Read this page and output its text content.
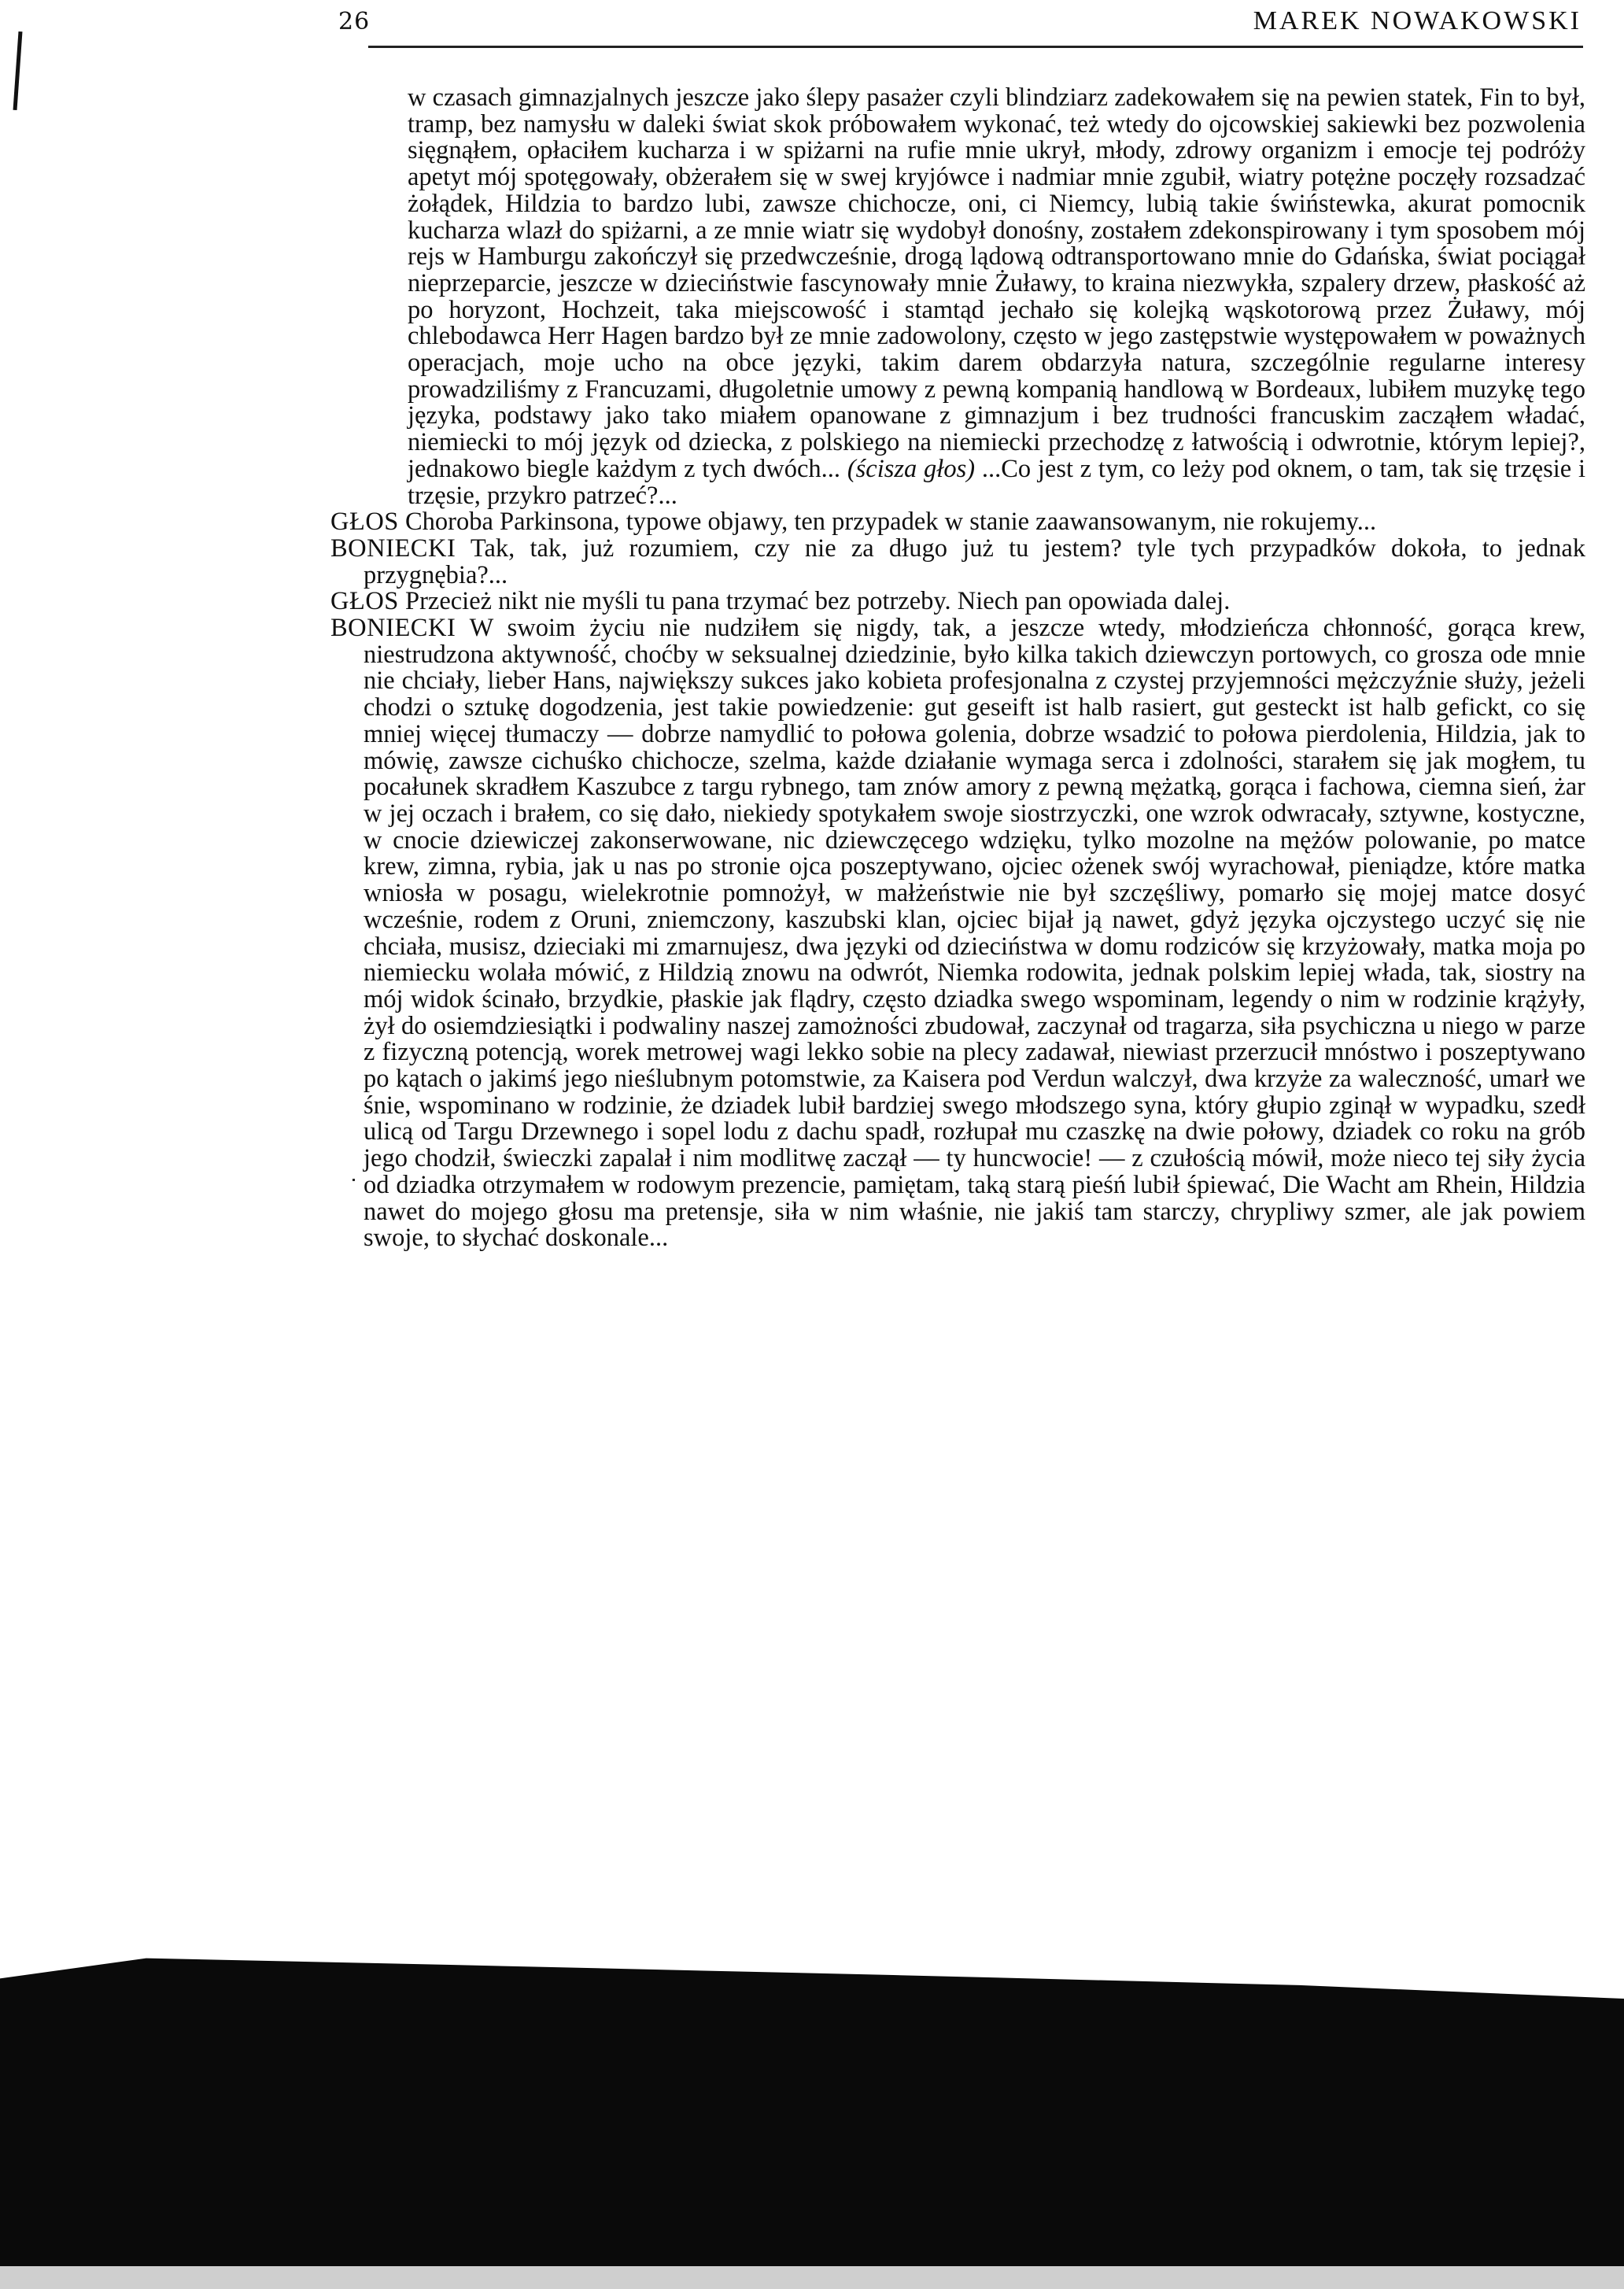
26	MAREK NOWAKOWSKI

w czasach gimnazjalnych jeszcze jako ślepy pasażer czyli blindziarz zadekowałem się na pewien statek, Fin to był, tramp, bez namysłu w daleki świat skok próbowałem wykonać, też wtedy do ojcowskiej sakiewki bez pozwolenia sięgnąłem, opłaciłem kucharza i w spiżarni na rufie mnie ukrył, młody, zdrowy organizm i emocje tej podróży apetyt mój spotęgowały, obżerałem się w swej kryjówce i nadmiar mnie zgubił, wiatry potężne poczęły rozsadzać żołądek, Hildzia to bardzo lubi, zawsze chichocze, oni, ci Niemcy, lubią takie świństewka, akurat pomocnik kucharza wlazł do spiżarni, a ze mnie wiatr się wydobył donośny, zostałem zdekonspirowany i tym sposobem mój rejs w Hamburgu zakończył się przedwcześnie, drogą lądową odtransportowano mnie do Gdańska, świat pociągał nieprzeparcie, jeszcze w dzieciństwie fascynowały mnie Żuławy, to kraina niezwykła, szpalery drzew, płaskość aż po horyzont, Hochzeit, taka miejscowość i stamtąd jechało się kolejką wąskotorową przez Żuławy, mój chlebodawca Herr Hagen bardzo był ze mnie zadowolony, często w jego zastępstwie występowałem w poważnych operacjach, moje ucho na obce języki, takim darem obdarzyła natura, szczególnie regularne interesy prowadziliśmy z Francuzami, długoletnie umowy z pewną kompanią handlową w Bordeaux, lubiłem muzykę tego języka, podstawy jako tako miałem opanowane z gimnazjum i bez trudności francuskim zacząłem władać, niemiecki to mój język od dziecka, z polskiego na niemiecki przechodzę z łatwością i odwrotnie, którym lepiej?, jednakowo biegle każdym z tych dwóch... (ścisza głos) ...Co jest z tym, co leży pod oknem, o tam, tak się trzęsie i trzęsie, przykro patrzeć?...

GŁOS Choroba Parkinsona, typowe objawy, ten przypadek w stanie zaawansowanym, nie rokujemy...

BONIECKI Tak, tak, już rozumiem, czy nie za długo już tu jestem? tyle tych przypadków dokoła, to jednak przygnębia?...

GŁOS Przecież nikt nie myśli tu pana trzymać bez potrzeby. Niech pan opowiada dalej.

BONIECKI W swoim życiu nie nudziłem się nigdy, tak, a jeszcze wtedy, młodzieńcza chłonność, gorąca krew, niestrudzona aktywność, choćby w seksualnej dziedzinie, było kilka takich dziewczyn portowych, co grosza ode mnie nie chciały, lieber Hans, największy sukces jako kobieta profesjonalna z czystej przyjemności mężczyźnie służy, jeżeli chodzi o sztukę dogodzenia, jest takie powiedzenie: gut geseift ist halb rasiert, gut gesteckt ist halb gefickt, co się mniej więcej tłumaczy — dobrze namydlić to połowa golenia, dobrze wsadzić to połowa pierdolenia, Hildzia, jak to mówię, zawsze cichuśko chichocze, szelma, każde działanie wymaga serca i zdolności, starałem się jak mogłem, tu pocałunek skradłem Kaszubce z targu rybnego, tam znów amory z pewną mężatką, gorąca i fachowa, ciemna sień, żar w jej oczach i brałem, co się dało, niekiedy spotykałem swoje siostrzyczki, one wzrok odwracały, sztywne, kostyczne, w cnocie dziewiczej zakonserwowane, nic dziewczęcego wdzięku, tylko mozolne na mężów polowanie, po matce krew, zimna, rybia, jak u nas po stronie ojca poszeptywano, ojciec ożenek swój wyrachował, pieniądze, które matka wniosła w posagu, wielekrotnie pomnożył, w małżeństwie nie był szczęśliwy, pomarło się mojej matce dosyć wcześnie, rodem z Oruni, zniemczony, kaszubski klan, ojciec bijał ją nawet, gdyż języka ojczystego uczyć się nie chciała, musisz, dzieciaki mi zmarnujesz, dwa języki od dzieciństwa w domu rodziców się krzyżowały, matka moja po niemiecku wolała mówić, z Hildzią znowu na odwrót, Niemka rodowita, jednak polskim lepiej włada, tak, siostry na mój widok ścinało, brzydkie, płaskie jak flądry, często dziadka swego wspominam, legendy o nim w rodzinie krążyły, żył do osiemdziesiątki i podwaliny naszej zamożności zbudował, zaczynał od tragarza, siła psychiczna u niego w parze z fizyczną potencją, worek metrowej wagi lekko sobie na plecy zadawał, niewiast przerzucił mnóstwo i poszeptywano po kątach o jakimś jego nieślubnym potomstwie, za Kaisera pod Verdun walczył, dwa krzyże za waleczność, umarł we śnie, wspominano w rodzinie, że dziadek lubił bardziej swego młodszego syna, który głupio zginął w wypadku, szedł ulicą od Targu Drzewnego i sopel lodu z dachu spadł, rozłupał mu czaszkę na dwie połowy, dziadek co roku na grób jego chodził, świeczki zapalał i nim modlitwę zaczął — ty huncwocie! — z czułością mówił, może nieco tej siły życia od dziadka otrzymałem w rodowym prezencie, pamiętam, taką starą pieśń lubił śpiewać, Die Wacht am Rhein, Hildzia nawet do mojego głosu ma pretensje, siła w nim właśnie, nie jakiś tam starczy, chrypliwy szmer, ale jak powiem swoje, to słychać doskonale...
